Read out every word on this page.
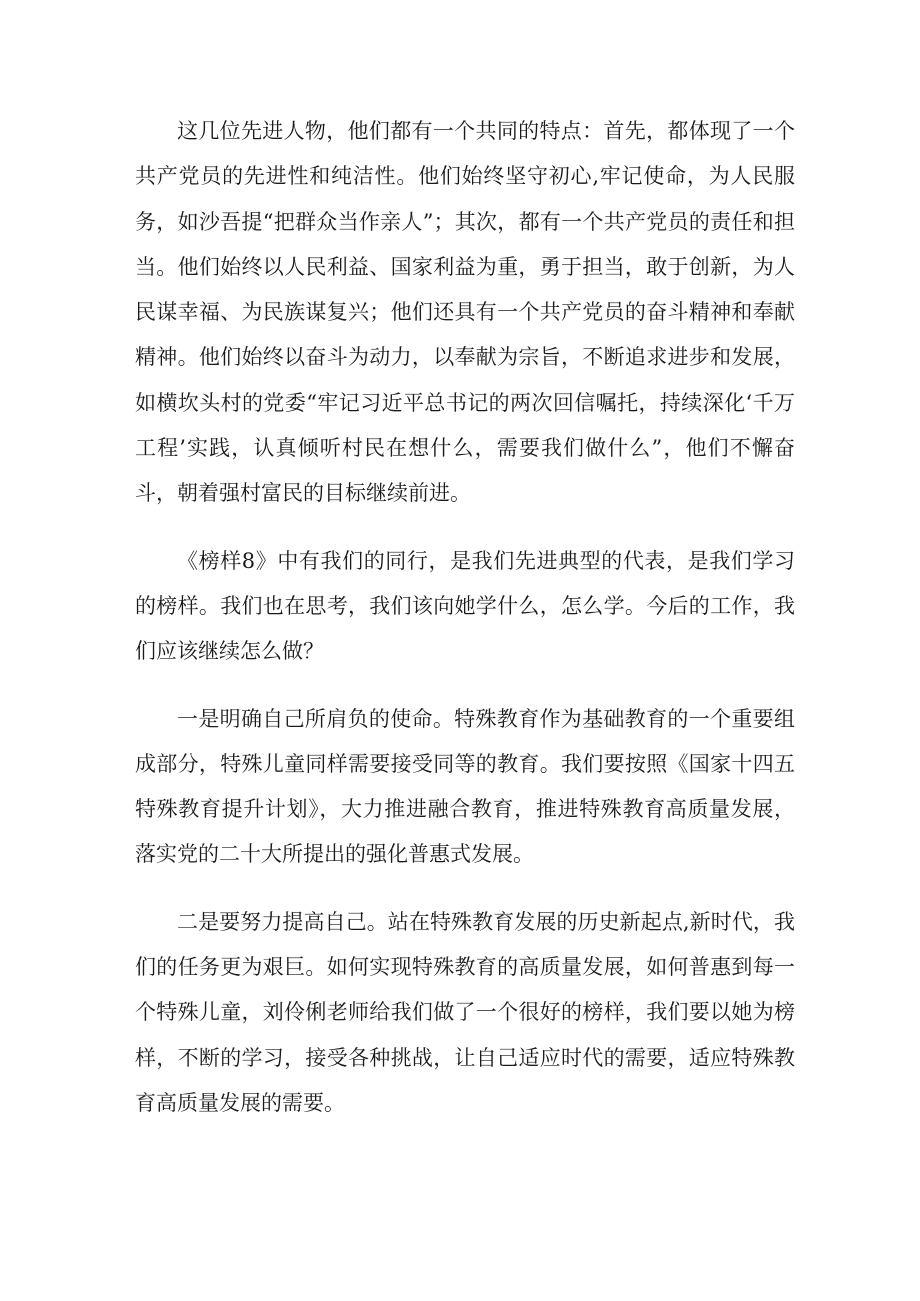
这几位先进人物，他们都有一个共同的特点：首先，都体现了一个共产党员的先进性和纯洁性。他们始终坚守初心,牢记使命，为人民服务，如沙吾提“把群众当作亲人”；其次，都有一个共产党员的责任和担当。他们始终以人民利益、国家利益为重，勇于担当，敢于创新，为人民谋幸福、为民族谋复兴；他们还具有一个共产党员的奋斗精神和奉献精神。他们始终以奋斗为动力，以奉献为宗旨，不断追求进步和发展，如横坎头村的党委“牢记习近平总书记的两次回信嘱托，持续深化‘千万工程’实践，认真倾听村民在想什么，需要我们做什么”，他们不懈奋斗，朝着强村富民的目标继续前进。

《榜样8》中有我们的同行，是我们先进典型的代表，是我们学习的榜样。我们也在思考，我们该向她学什么，怎么学。今后的工作，我们应该继续怎么做？

一是明确自己所肩负的使命。特殊教育作为基础教育的一个重要组成部分，特殊儿童同样需要接受同等的教育。我们要按照《国家十四五特殊教育提升计划》，大力推进融合教育，推进特殊教育高质量发展，落实党的二十大所提出的强化普惠式发展。

二是要努力提高自己。站在特殊教育发展的历史新起点,新时代，我们的任务更为艰巨。如何实现特殊教育的高质量发展，如何普惠到每一个特殊儿童，刘伶俐老师给我们做了一个很好的榜样，我们要以她为榜样，不断的学习，接受各种挑战，让自己适应时代的需要，适应特殊教育高质量发展的需要。
